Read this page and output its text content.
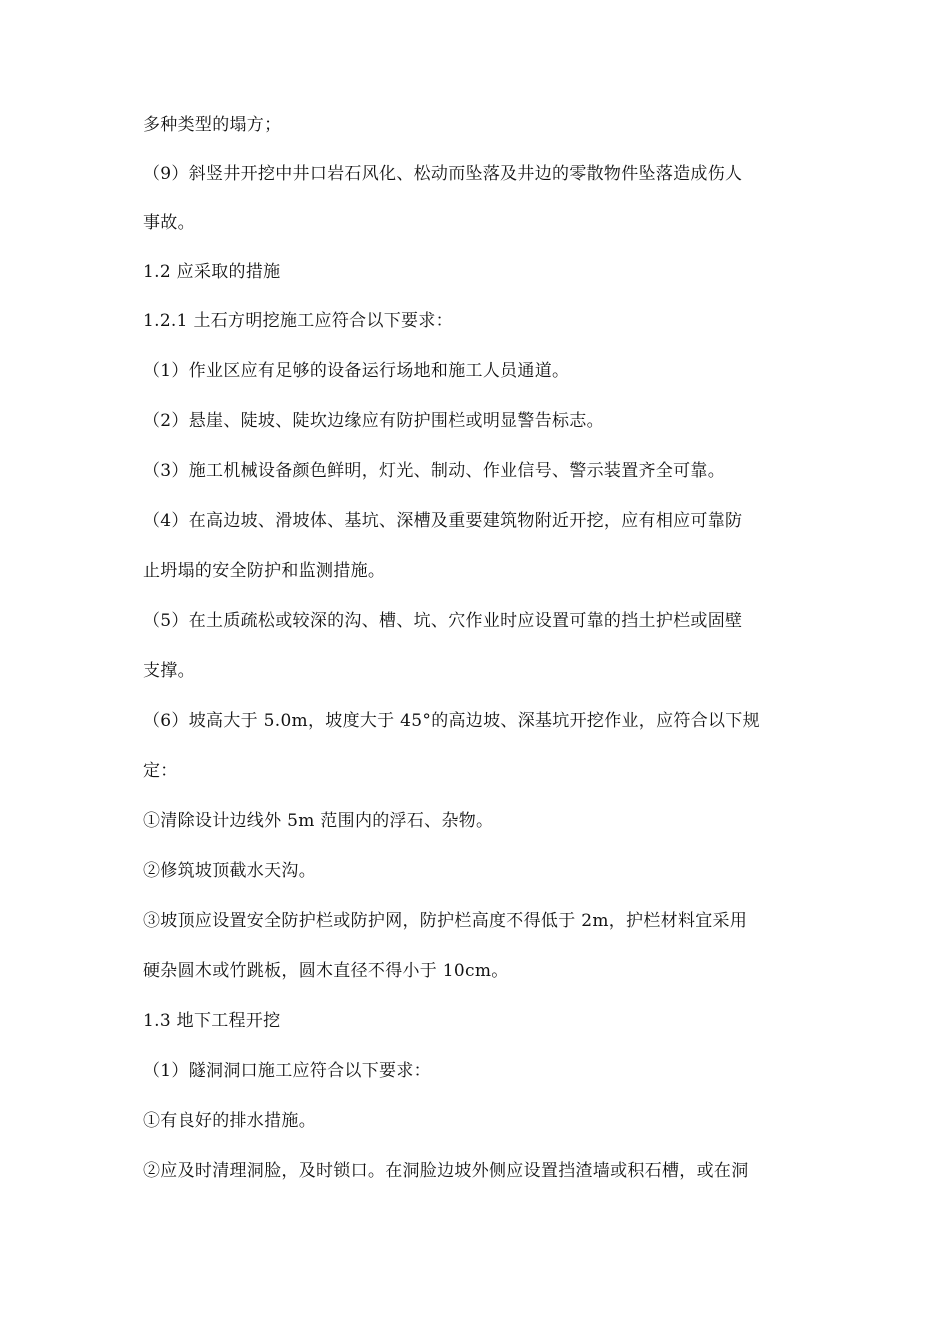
多种类型的塌方；
（9）斜竖井开挖中井口岩石风化、松动而坠落及井边的零散物件坠落造成伤人
事故。
1.2 应采取的措施
1.2.1 土石方明挖施工应符合以下要求：
（1）作业区应有足够的设备运行场地和施工人员通道。
（2）悬崖、陡坡、陡坎边缘应有防护围栏或明显警告标志。
（3）施工机械设备颜色鲜明，灯光、制动、作业信号、警示装置齐全可靠。
（4）在高边坡、滑坡体、基坑、深槽及重要建筑物附近开挖，应有相应可靠防
止坍塌的安全防护和监测措施。
（5）在土质疏松或较深的沟、槽、坑、穴作业时应设置可靠的挡土护栏或固壁
支撑。
（6）坡高大于 5.0m，坡度大于 45°的高边坡、深基坑开挖作业，应符合以下规
定：
①清除设计边线外 5m 范围内的浮石、杂物。
②修筑坡顶截水天沟。
③坡顶应设置安全防护栏或防护网，防护栏高度不得低于 2m，护栏材料宜采用
硬杂圆木或竹跳板，圆木直径不得小于 10cm。
1.3 地下工程开挖
（1）隧洞洞口施工应符合以下要求：
①有良好的排水措施。
②应及时清理洞脸，及时锁口。在洞脸边坡外侧应设置挡渣墙或积石槽，或在洞
